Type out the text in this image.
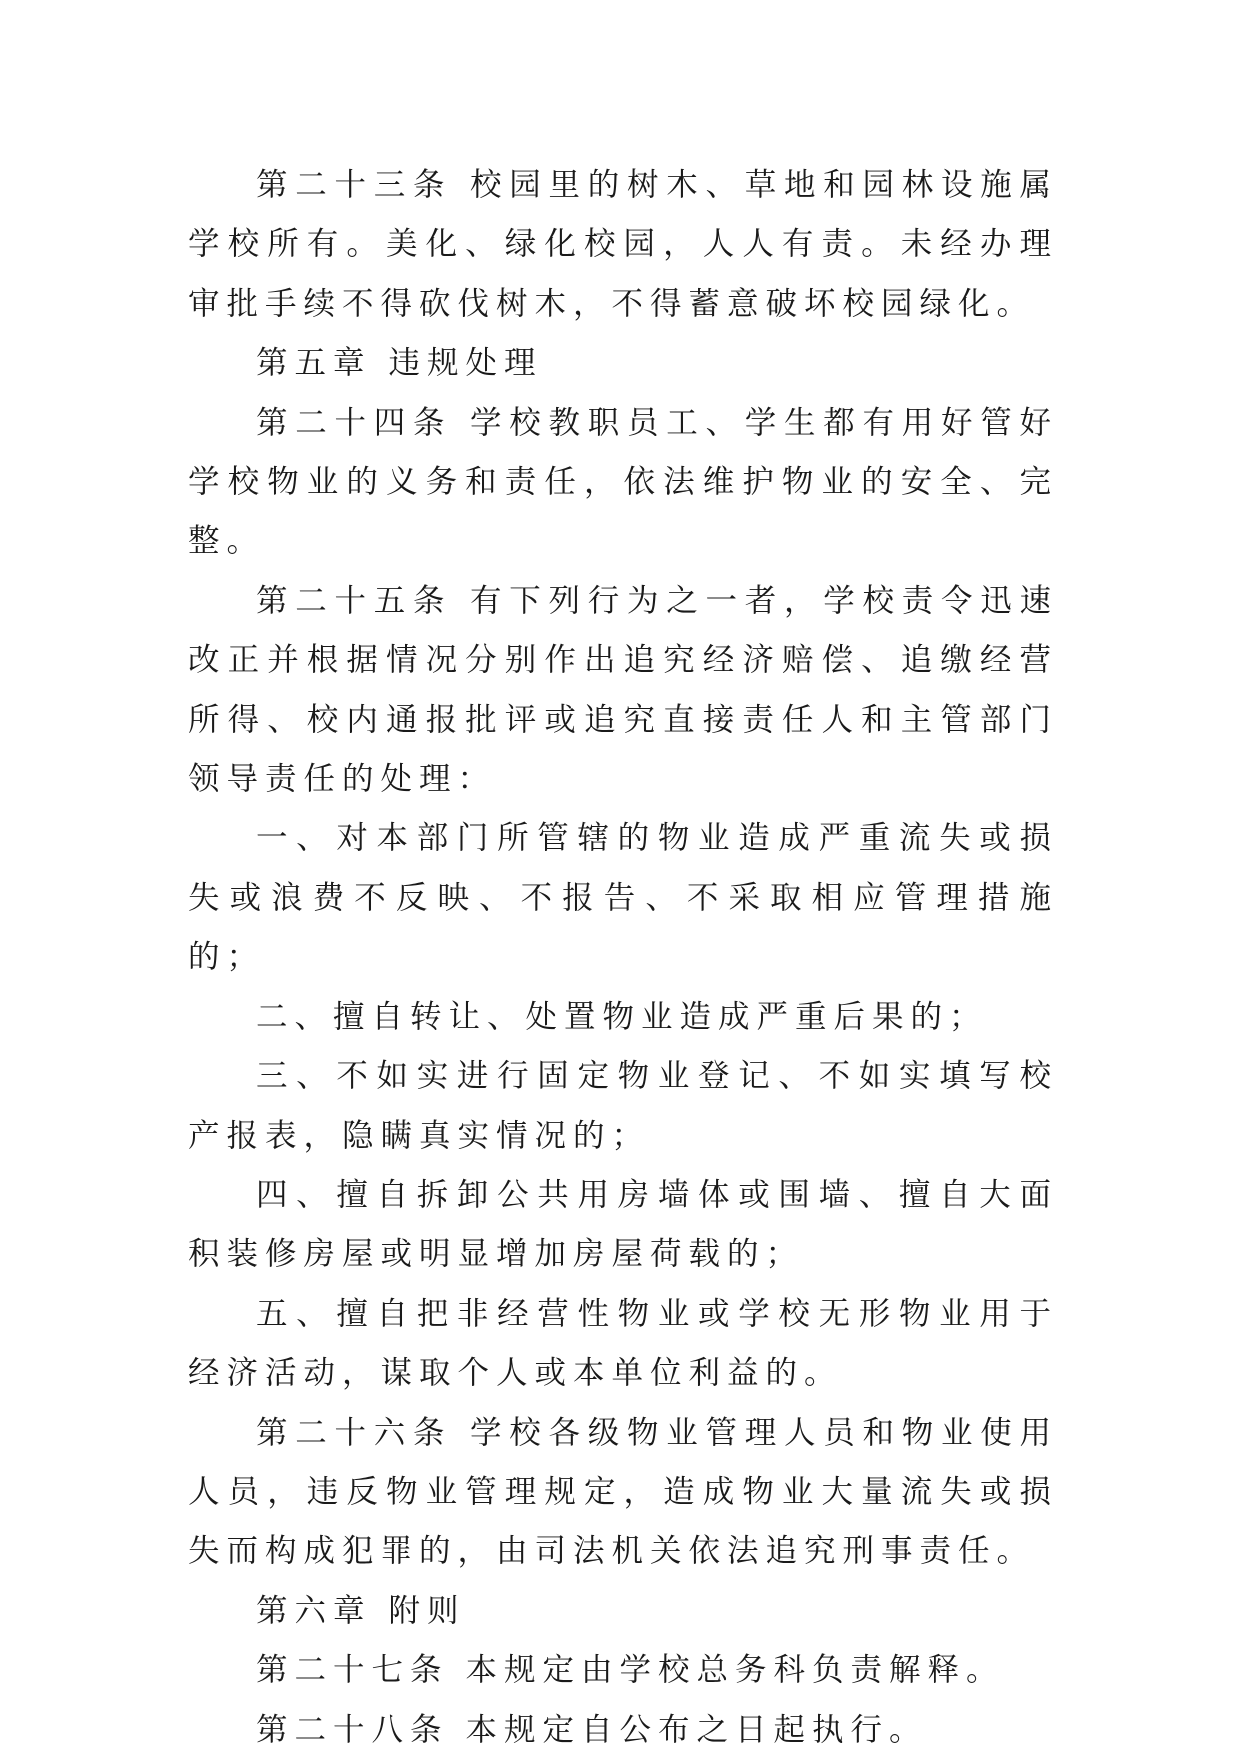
第二十三条 校园里的树木、草地和园林设施属学校所有。美化、绿化校园，人人有责。未经办理审批手续不得砍伐树木，不得蓄意破坏校园绿化。

第五章 违规处理

第二十四条 学校教职员工、学生都有用好管好学校物业的义务和责任，依法维护物业的安全、完整。

第二十五条 有下列行为之一者，学校责令迅速改正并根据情况分别作出追究经济赔偿、追缴经营所得、校内通报批评或追究直接责任人和主管部门领导责任的处理：

一、对本部门所管辖的物业造成严重流失或损失或浪费不反映、不报告、不采取相应管理措施的；

二、擅自转让、处置物业造成严重后果的；

三、不如实进行固定物业登记、不如实填写校产报表，隐瞒真实情况的；

四、擅自拆卸公共用房墙体或围墙、擅自大面积装修房屋或明显增加房屋荷载的；

五、擅自把非经营性物业或学校无形物业用于经济活动，谋取个人或本单位利益的。

第二十六条 学校各级物业管理人员和物业使用人员，违反物业管理规定，造成物业大量流失或损失而构成犯罪的，由司法机关依法追究刑事责任。

第六章 附则

第二十七条 本规定由学校总务科负责解释。

第二十八条 本规定自公布之日起执行。
